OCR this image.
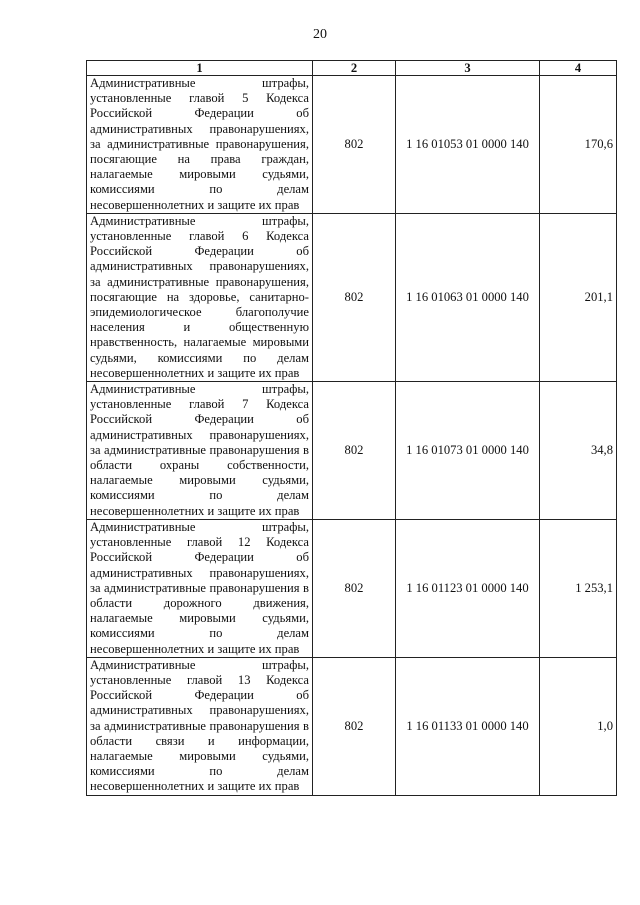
20
1	2	3	4
Административные штрафы, установленные главой 5 Кодекса Российской Федерации об административных правонарушениях, за административные правонарушения, посягающие на права граждан, налагаемые мировыми судьями, комиссиями по делам несовершеннолетних и защите их прав	802	1 16 01053 01 0000 140	170,6
Административные штрафы, установленные главой 6 Кодекса Российской Федерации об административных правонарушениях, за административные правонарушения, посягающие на здоровье, санитарно-эпидемиологическое благополучие населения и общественную нравственность, налагаемые мировыми судьями, комиссиями по делам несовершеннолетних и защите их прав	802	1 16 01063 01 0000 140	201,1
Административные штрафы, установленные главой 7 Кодекса Российской Федерации об административных правонарушениях, за административные правонарушения в области охраны собственности, налагаемые мировыми судьями, комиссиями по делам несовершеннолетних и защите их прав	802	1 16 01073 01 0000 140	34,8
Административные штрафы, установленные главой 12 Кодекса Российской Федерации об административных правонарушениях, за административные правонарушения в области дорожного движения, налагаемые мировыми судьями, комиссиями по делам несовершеннолетних и защите их прав	802	1 16 01123 01 0000 140	1 253,1
Административные штрафы, установленные главой 13 Кодекса Российской Федерации об административных правонарушениях, за административные правонарушения в области связи и информации, налагаемые мировыми судьями, комиссиями по делам несовершеннолетних и защите их прав	802	1 16 01133 01 0000 140	1,0
